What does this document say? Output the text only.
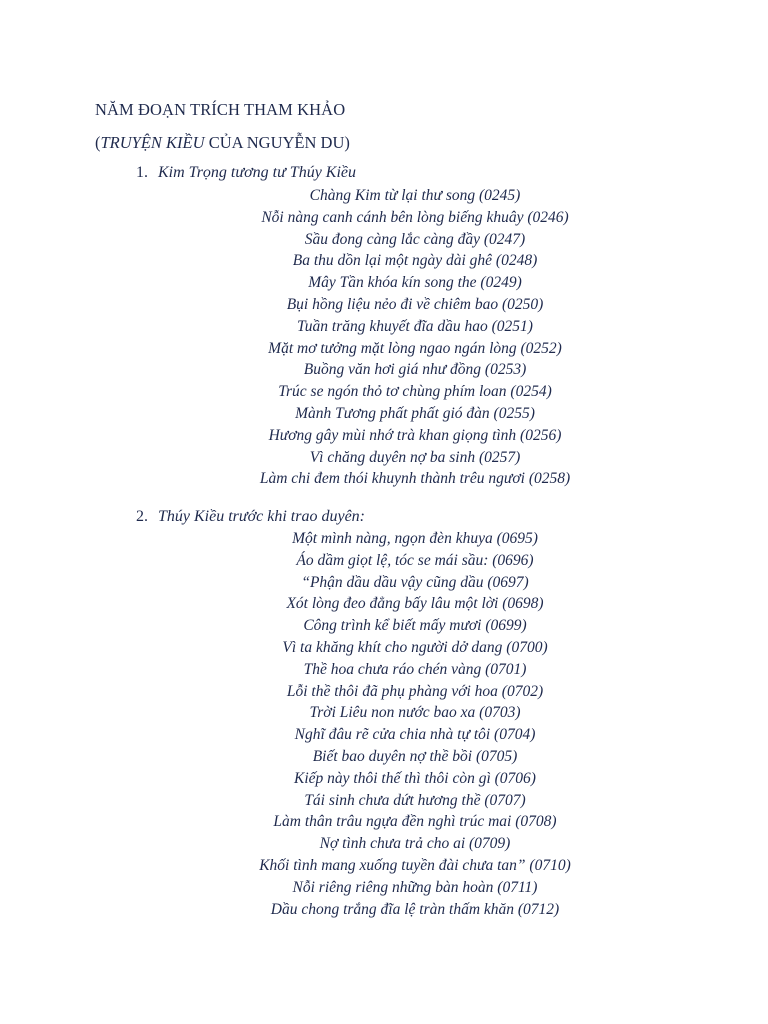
NĂM ĐOẠN TRÍCH THAM KHẢO
(TRUYỆN KIỀU CỦA NGUYỄN DU)
1. Kim Trọng tương tư Thúy Kiều
Chàng Kim từ lại thư song (0245)
Nỗi nàng canh cánh bên lòng biếng khuây (0246)
Sầu đong càng lắc càng đầy (0247)
Ba thu dồn lại một ngày dài ghê (0248)
Mây Tần khóa kín song the (0249)
Bụi hồng liệu nẻo đi về chiêm bao (0250)
Tuần trăng khuyết đĩa dầu hao (0251)
Mặt mơ tưởng mặt lòng ngao ngán lòng (0252)
Buồng văn hơi giá như đồng (0253)
Trúc se ngón thỏ tơ chùng phím loan (0254)
Mành Tương phất phất gió đàn (0255)
Hương gây mùi nhớ trà khan giọng tình (0256)
Vì chăng duyên nợ ba sinh (0257)
Làm chi đem thói khuynh thành trêu ngươi (0258)
2. Thúy Kiều trước khi trao duyên:
Một mình nàng, ngọn đèn khuya (0695)
Áo dầm giọt lệ, tóc se mái sầu: (0696)
“Phận dầu dầu vậy cũng dầu (0697)
Xót lòng đeo đẳng bấy lâu một lời (0698)
Công trình kể biết mấy mươi (0699)
Vì ta khăng khít cho người dở dang (0700)
Thề hoa chưa ráo chén vàng (0701)
Lỗi thề thôi đã phụ phàng với hoa (0702)
Trời Liêu non nước bao xa (0703)
Nghĩ đâu rẽ cửa chia nhà tự tôi (0704)
Biết bao duyên nợ thề bồi (0705)
Kiếp này thôi thế thì thôi còn gì (0706)
Tái sinh chưa dứt hương thề (0707)
Làm thân trâu ngựa đền nghì trúc mai (0708)
Nợ tình chưa trả cho ai (0709)
Khối tình mang xuống tuyền đài chưa tan” (0710)
Nỗi riêng riêng những bàn hoàn (0711)
Dầu chong trắng đĩa lệ tràn thấm khăn (0712)
